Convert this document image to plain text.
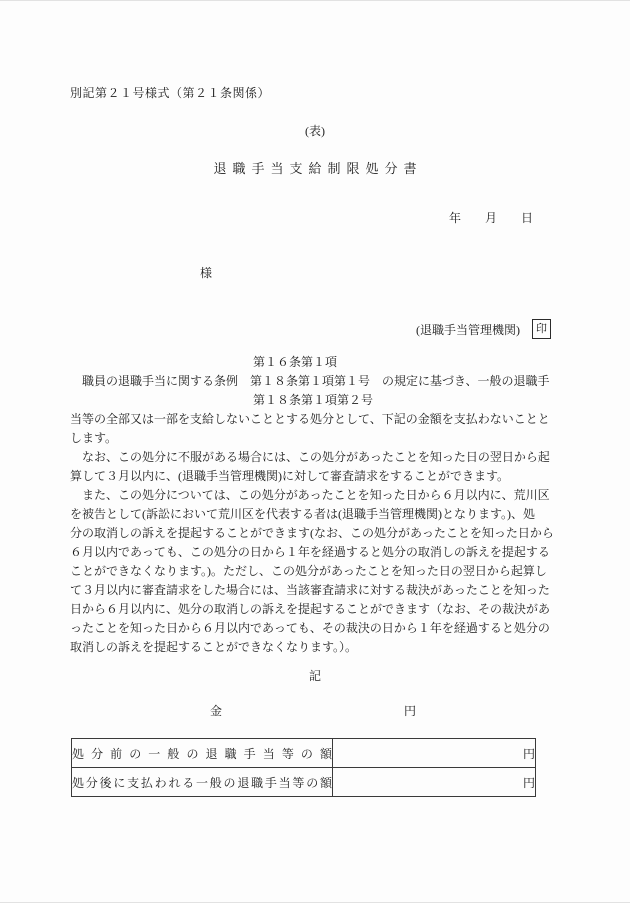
別記第２１号様式（第２１条関係）
(表)
退職手当支給制限処分書
年　　月　　日
様
(退職手当管理機関)	印
第１６条第１項
　職員の退職手当に関する条例　第１８条第１項第１号　の規定に基づき、一般の退職手
第１８条第１項第２号
当等の全部又は一部を支給しないこととする処分として、下記の金額を支払わないことと
します。
　なお、この処分に不服がある場合には、この処分があったことを知った日の翌日から起
算して３月以内に、(退職手当管理機関)に対して審査請求をすることができます。
　また、この処分については、この処分があったことを知った日から６月以内に、荒川区
を被告として(訴訟において荒川区を代表する者は(退職手当管理機関)となります。)、処
分の取消しの訴えを提起することができます(なお、この処分があったことを知った日から
６月以内であっても、この処分の日から１年を経過すると処分の取消しの訴えを提起する
ことができなくなります。)。ただし、この処分があったことを知った日の翌日から起算し
て３月以内に審査請求をした場合には、当該審査請求に対する裁決があったことを知った
日から６月以内に、処分の取消しの訴えを提起することができます（なお、その裁決があ
ったことを知った日から６月以内であっても、その裁決の日から１年を経過すると処分の
取消しの訴えを提起することができなくなります。）。
記
金	円
処分前の一般の退職手当等の額	円
処分後に支払われる一般の退職手当等の額	円
